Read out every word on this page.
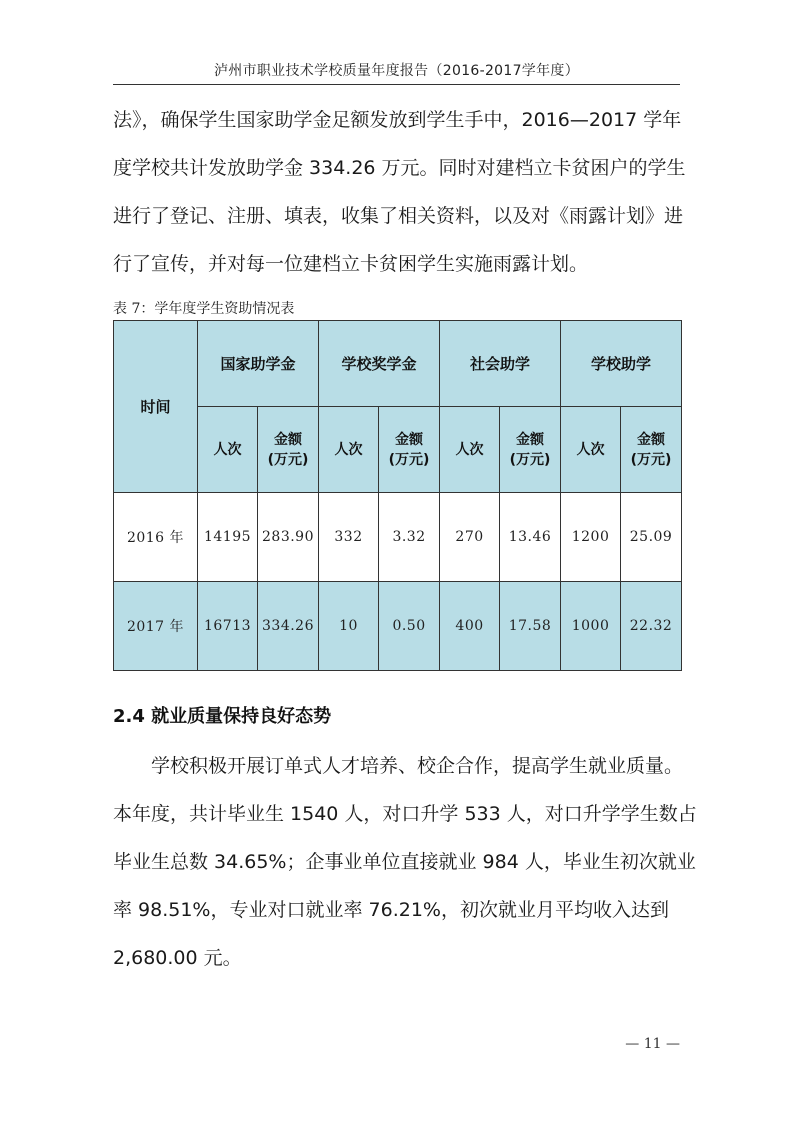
泸州市职业技术学校质量年度报告（2016-2017学年度）

法》，确保学生国家助学金足额发放到学生手中，2016—2017 学年
度学校共计发放助学金 334.26 万元。同时对建档立卡贫困户的学生
进行了登记、注册、填表，收集了相关资料，以及对《雨露计划》进
行了宣传，并对每一位建档立卡贫困学生实施雨露计划。

表 7：学年度学生资助情况表
时间	国家助学金		学校奖学金		社会助学		学校助学	
	人次	金额
(万元)	人次	金额
(万元)	人次	金额
(万元)	人次	金额
(万元)
2016 年	14195	283.90	332	3.32	270	13.46	1200	25.09
2017 年	16713	334.26	10	0.50	400	17.58	1000	22.32
2.4 就业质量保持良好态势

　　学校积极开展订单式人才培养、校企合作，提高学生就业质量。
本年度，共计毕业生 1540 人，对口升学 533 人，对口升学学生数占
毕业生总数 34.65%；企事业单位直接就业 984 人，毕业生初次就业
率 98.51%，专业对口就业率 76.21%，初次就业月平均收入达到
2,680.00 元。

— 11 —
